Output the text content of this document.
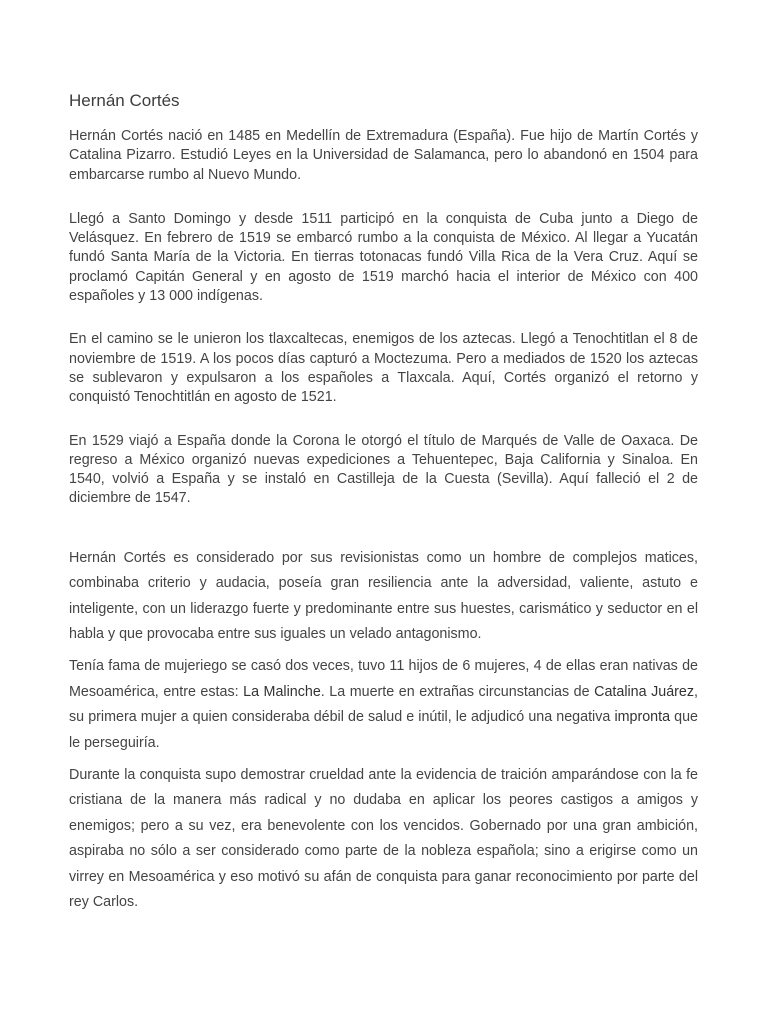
Hernán Cortés

Hernán Cortés nació en 1485 en Medellín de Extremadura (España). Fue hijo de Martín Cortés y Catalina Pizarro. Estudió Leyes en la Universidad de Salamanca, pero lo abandonó en 1504 para embarcarse rumbo al Nuevo Mundo.

Llegó a Santo Domingo y desde 1511 participó en la conquista de Cuba junto a Diego de Velásquez. En febrero de 1519 se embarcó rumbo a la conquista de México. Al llegar a Yucatán fundó Santa María de la Victoria. En tierras totonacas fundó Villa Rica de la Vera Cruz. Aquí se proclamó Capitán General y en agosto de 1519 marchó hacia el interior de México con 400 españoles y 13 000 indígenas.

En el camino se le unieron los tlaxcaltecas, enemigos de los aztecas. Llegó a Tenochtitlan el 8 de noviembre de 1519. A los pocos días capturó a Moctezuma. Pero a mediados de 1520 los aztecas se sublevaron y expulsaron a los españoles a Tlaxcala. Aquí, Cortés organizó el retorno y conquistó Tenochtitlán en agosto de 1521.

En 1529 viajó a España donde la Corona le otorgó el título de Marqués de Valle de Oaxaca. De regreso a México organizó nuevas expediciones a Tehuentepec, Baja California y Sinaloa. En 1540, volvió a España y se instaló en Castilleja de la Cuesta (Sevilla). Aquí falleció el 2 de diciembre de 1547.

Hernán Cortés es considerado por sus revisionistas como un hombre de complejos matices, combinaba criterio y audacia, poseía gran resiliencia ante la adversidad, valiente, astuto e inteligente, con un liderazgo fuerte y predominante entre sus huestes, carismático y seductor en el habla y que provocaba entre sus iguales un velado antagonismo.

Tenía fama de mujeriego se casó dos veces, tuvo 11 hijos de 6 mujeres, 4 de ellas eran nativas de Mesoamérica, entre estas: La Malinche. La muerte en extrañas circunstancias de Catalina Juárez, su primera mujer a quien consideraba débil de salud e inútil, le adjudicó una negativa impronta que le perseguiría.

Durante la conquista supo demostrar crueldad ante la evidencia de traición amparándose con la fe cristiana de la manera más radical y no dudaba en aplicar los peores castigos a amigos y enemigos; pero a su vez, era benevolente con los vencidos. Gobernado por una gran ambición, aspiraba no sólo a ser considerado como parte de la nobleza española; sino a erigirse como un virrey en Mesoamérica y eso motivó su afán de conquista para ganar reconocimiento por parte del rey Carlos.
